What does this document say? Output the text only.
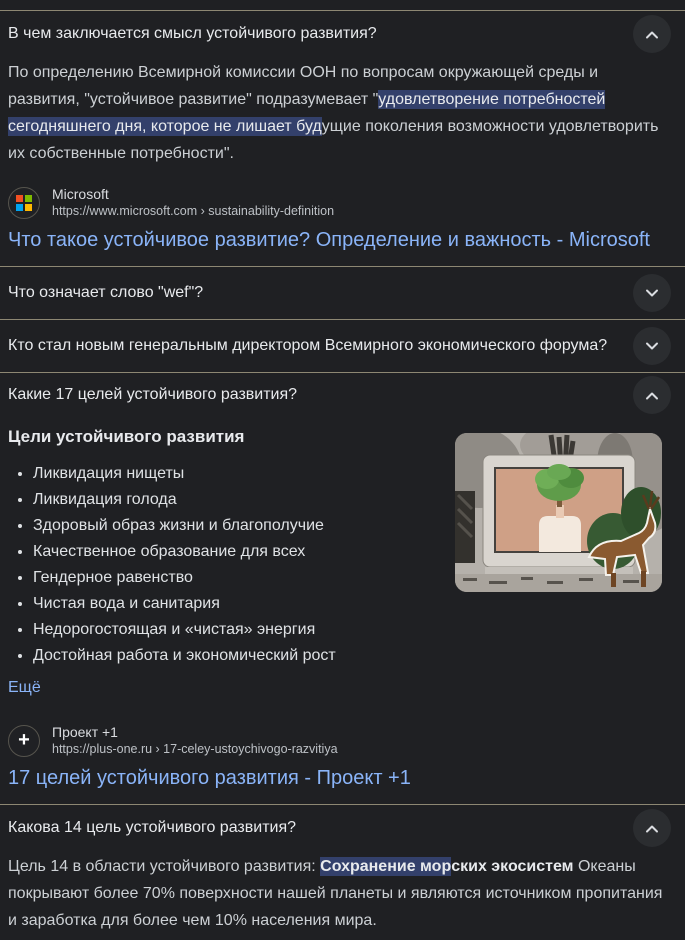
В чем заключается смысл устойчивого развития?

По определению Всемирной комиссии ООН по вопросам окружающей среды и развития, "устойчивое развитие" подразумевает "удовлетворение потребностей сегодняшнего дня, которое не лишает будущие поколения возможности удовлетворить их собственные потребности".

Microsoft
https://www.microsoft.com › sustainability-definition
Что такое устойчивое развитие? Определение и важность - Microsoft
Что означает слово "wef"?
Кто стал новым генеральным директором Всемирного экономического форума?
Какие 17 целей устойчивого развития?
Цели устойчивого развития
• Ликвидация нищеты
• Ликвидация голода
• Здоровый образ жизни и благополучие
• Качественное образование для всех
• Гендерное равенство
• Чистая вода и санитария
• Недорогостоящая и «чистая» энергия
• Достойная работа и экономический рост
Ещё
+ Проект +1
https://plus-one.ru › 17-celey-ustoychivogo-razvitiya
17 целей устойчивого развития - Проект +1
Какова 14 цель устойчивого развития?

Цель 14 в области устойчивого развития: Сохранение морских экосистем Океаны покрывают более 70% поверхности нашей планеты и являются источником пропитания и заработка для более чем 10% населения мира.
